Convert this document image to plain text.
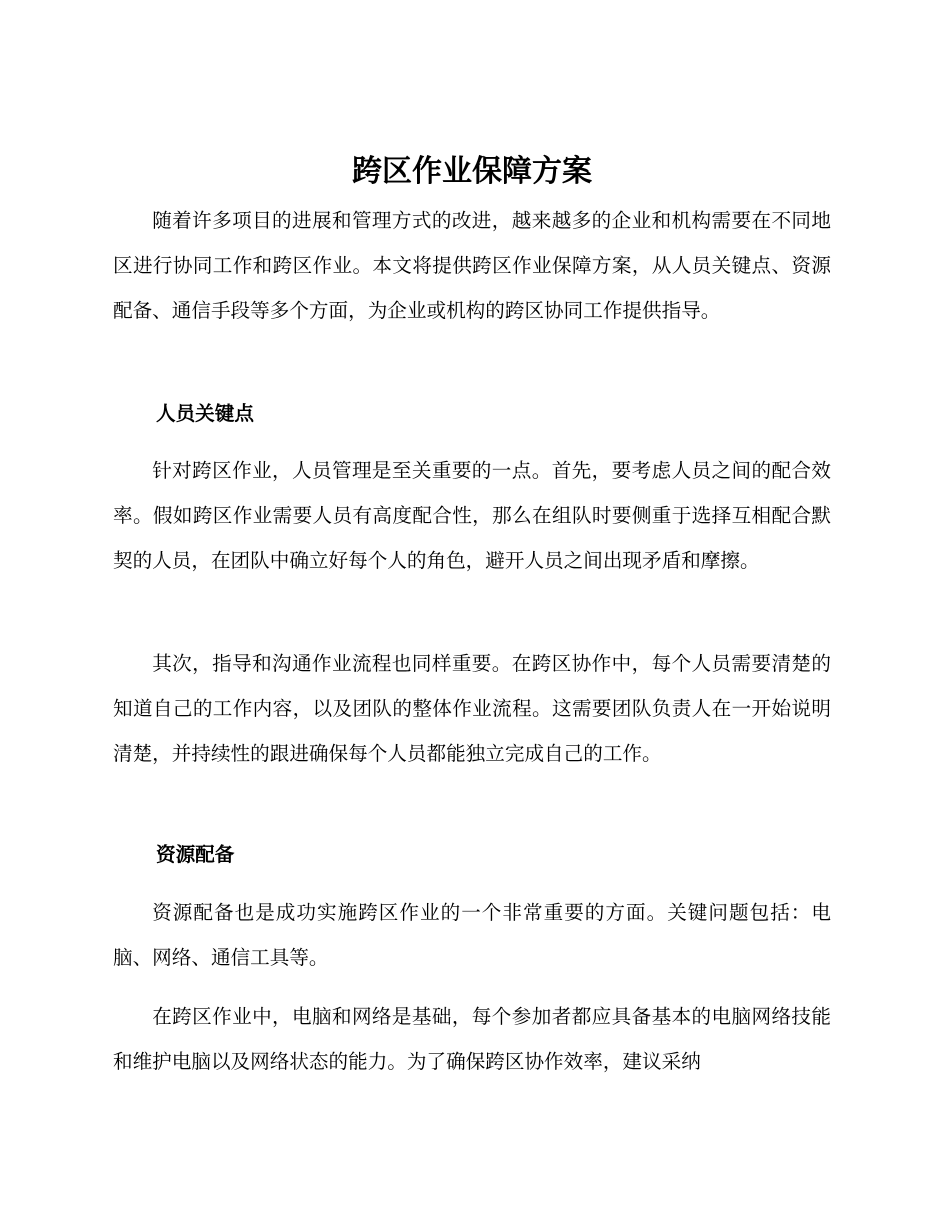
跨区作业保障方案

随着许多项目的进展和管理方式的改进，越来越多的企业和机构需要在不同地区进行协同工作和跨区作业。本文将提供跨区作业保障方案，从人员关键点、资源配备、通信手段等多个方面，为企业或机构的跨区协同工作提供指导。

人员关键点

针对跨区作业，人员管理是至关重要的一点。首先，要考虑人员之间的配合效率。假如跨区作业需要人员有高度配合性，那么在组队时要侧重于选择互相配合默契的人员，在团队中确立好每个人的角色，避开人员之间出现矛盾和摩擦。

其次，指导和沟通作业流程也同样重要。在跨区协作中，每个人员需要清楚的知道自己的工作内容，以及团队的整体作业流程。这需要团队负责人在一开始说明清楚，并持续性的跟进确保每个人员都能独立完成自己的工作。

资源配备

资源配备也是成功实施跨区作业的一个非常重要的方面。关键问题包括：电脑、网络、通信工具等。

在跨区作业中，电脑和网络是基础，每个参加者都应具备基本的电脑网络技能和维护电脑以及网络状态的能力。为了确保跨区协作效率，建议采纳
